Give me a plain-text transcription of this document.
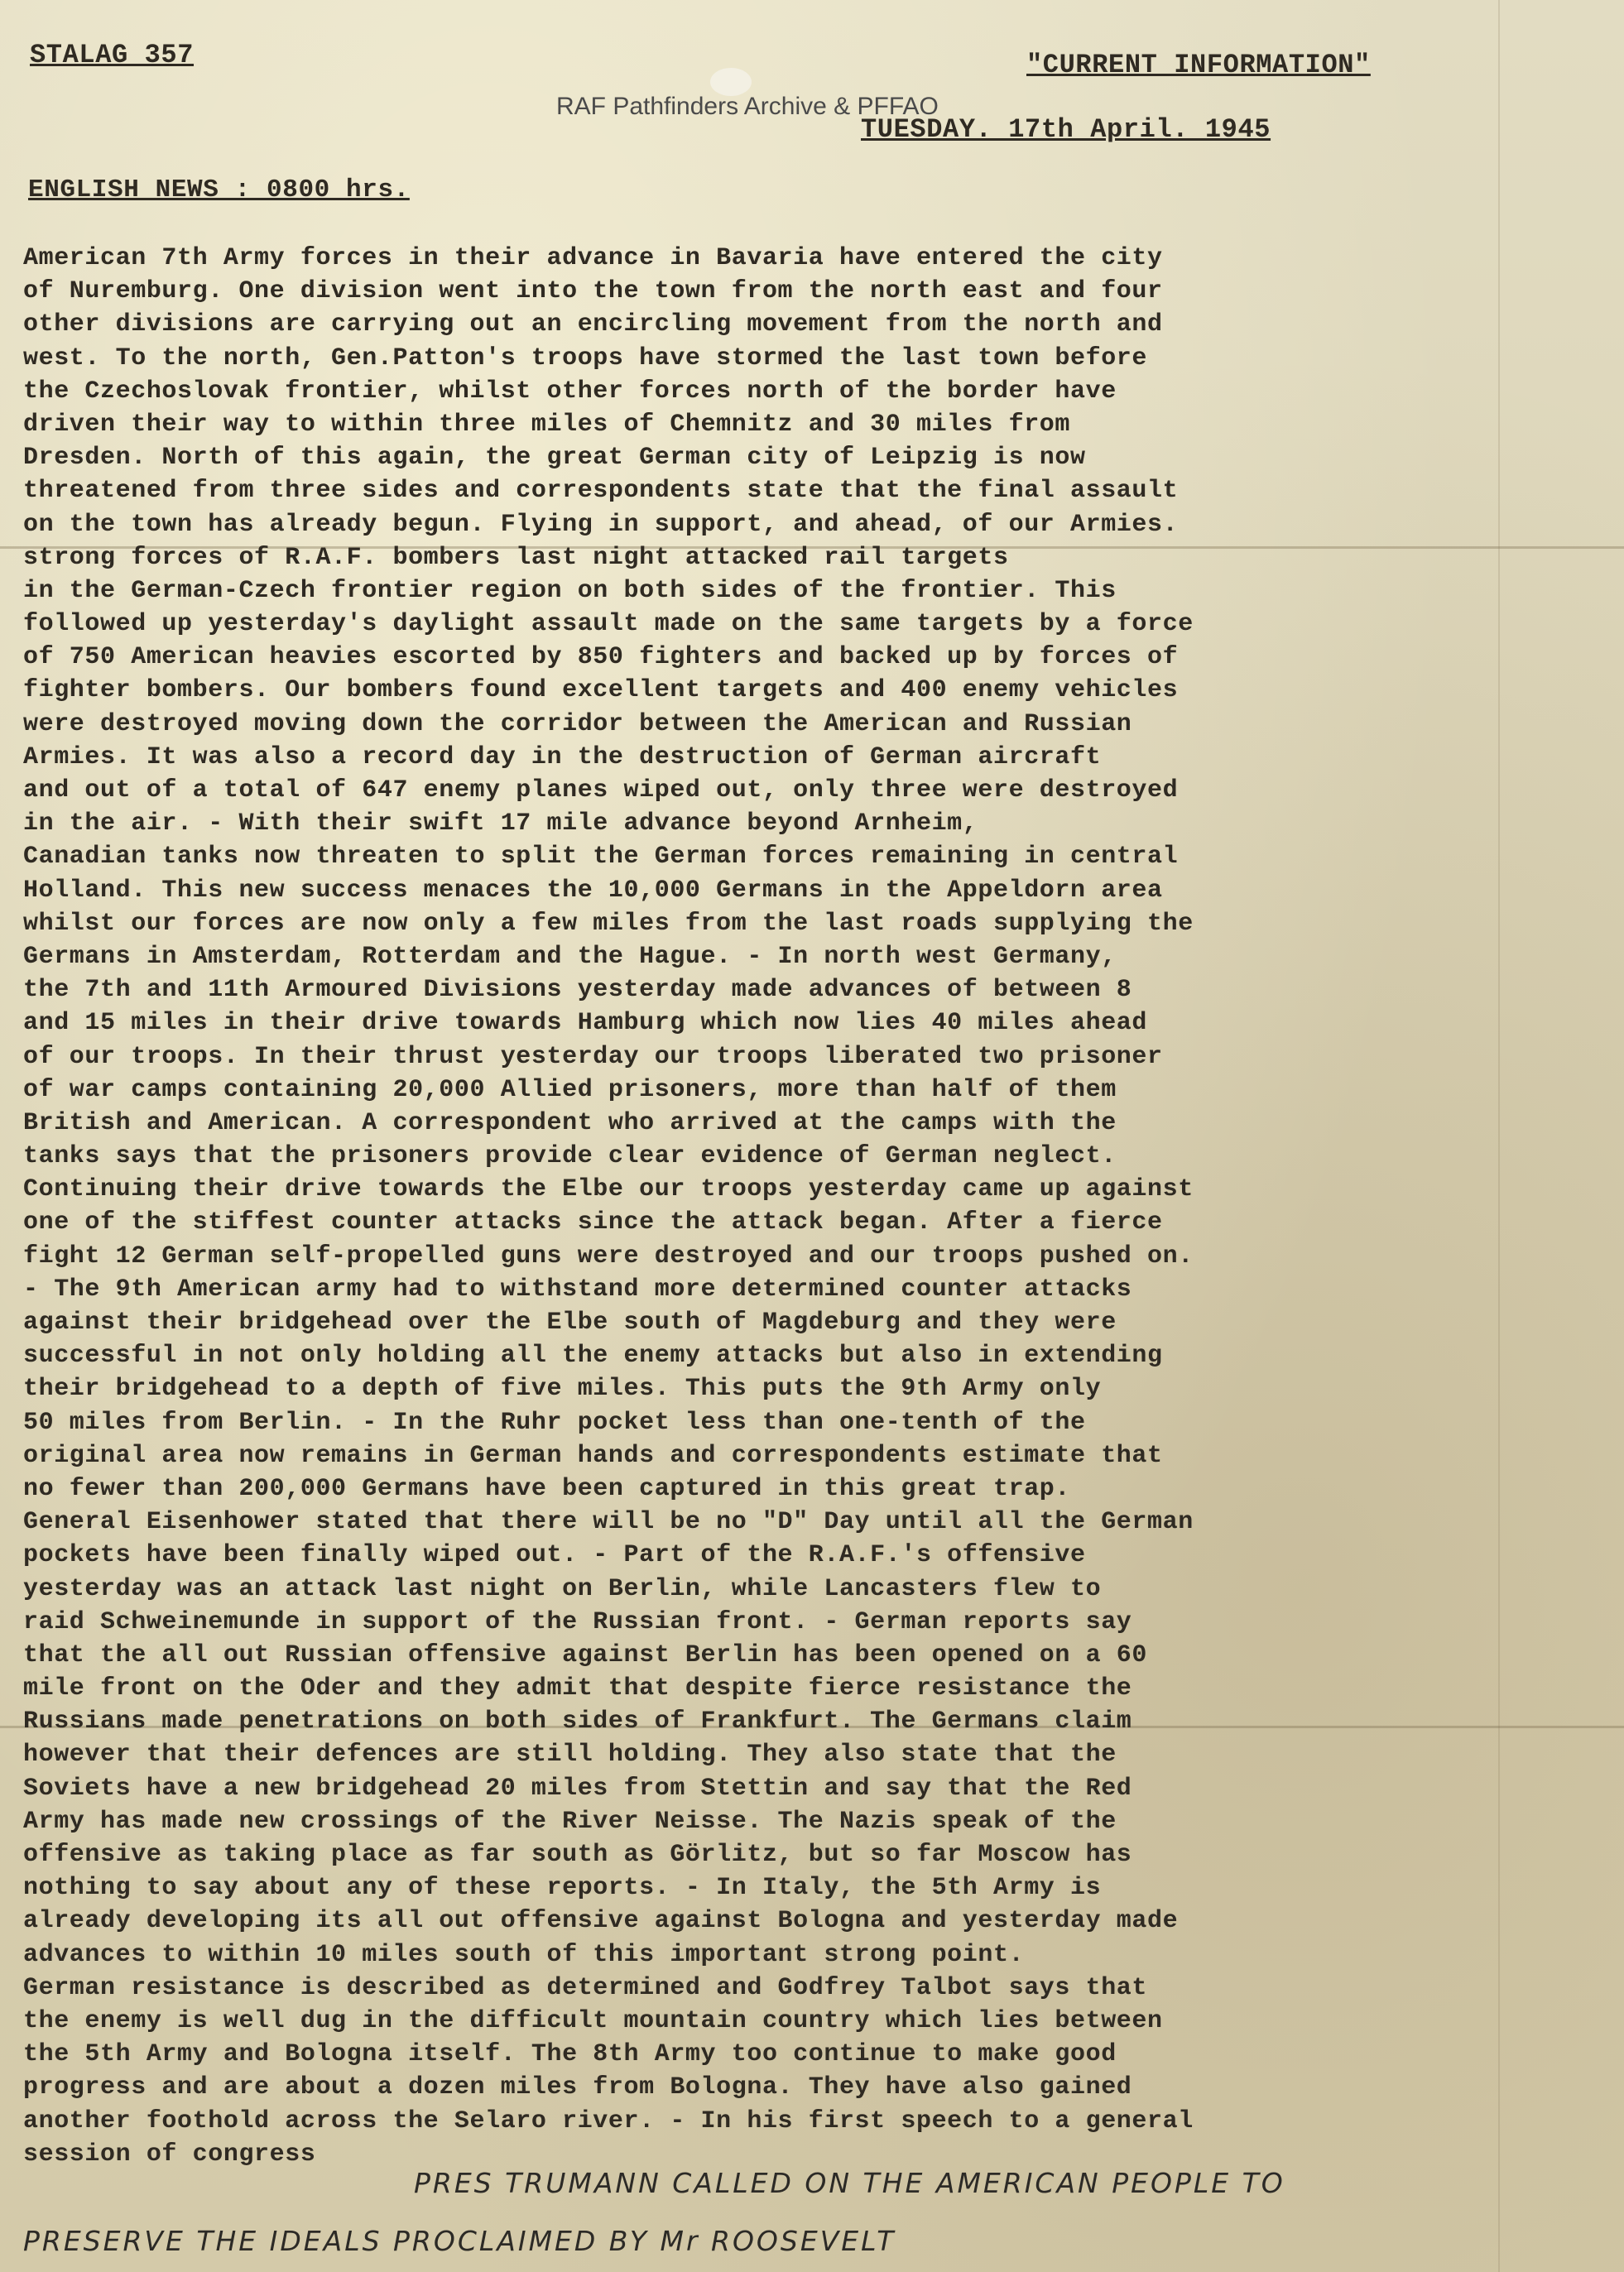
STALAG 357	"CURRENT INFORMATION"
RAF Pathfinders Archive & PFFAO
TUESDAY. 17th April. 1945
ENGLISH NEWS : 0800 hrs.
American 7th Army forces in their advance in Bavaria have entered the city
of Nuremburg. One division went into the town from the north east and four
other divisions are carrying out an encircling movement from the north and
west. To the north, Gen.Patton's troops have stormed the last town before
the Czechoslovak frontier, whilst other forces north of the border have
driven their way to within three miles of Chemnitz and 30 miles from
Dresden. North of this again, the great German city of Leipzig is now
threatened from three sides and correspondents state that the final assault
on the town has already begun. Flying in support, and ahead, of our Armies.
strong forces of R.A.F. bombers last night attacked rail targets
in the German-Czech frontier region on both sides of the frontier. This
followed up yesterday's daylight assault made on the same targets by a force
of 750 American heavies escorted by 850 fighters and backed up by forces of
fighter bombers. Our bombers found excellent targets and 400 enemy vehicles
were destroyed moving down the corridor between the American and Russian
Armies. It was also a record day in the destruction of German aircraft
and out of a total of 647 enemy planes wiped out, only three were destroyed
in the air. - With their swift 17 mile advance beyond Arnheim,
Canadian tanks now threaten to split the German forces remaining in central
Holland. This new success menaces the 10,000 Germans in the Appeldorn area
whilst our forces are now only a few miles from the last roads supplying the
Germans in Amsterdam, Rotterdam and the Hague. - In north west Germany,
the 7th and 11th Armoured Divisions yesterday made advances of between 8
and 15 miles in their drive towards Hamburg which now lies 40 miles ahead
of our troops. In their thrust yesterday our troops liberated two prisoner
of war camps containing 20,000 Allied prisoners, more than half of them
British and American. A correspondent who arrived at the camps with the
tanks says that the prisoners provide clear evidence of German neglect.
Continuing their drive towards the Elbe our troops yesterday came up against
one of the stiffest counter attacks since the attack began. After a fierce
fight 12 German self-propelled guns were destroyed and our troops pushed on.
- The 9th American army had to withstand more determined counter attacks
against their bridgehead over the Elbe south of Magdeburg and they were
successful in not only holding all the enemy attacks but also in extending
their bridgehead to a depth of five miles. This puts the 9th Army only
50 miles from Berlin. - In the Ruhr pocket less than one-tenth of the
original area now remains in German hands and correspondents estimate that
no fewer than 200,000 Germans have been captured in this great trap.
General Eisenhower stated that there will be no "D" Day until all the German
pockets have been finally wiped out. - Part of the R.A.F.'s offensive
yesterday was an attack last night on Berlin, while Lancasters flew to
raid Schweinemunde in support of the Russian front. - German reports say
that the all out Russian offensive against Berlin has been opened on a 60
mile front on the Oder and they admit that despite fierce resistance the
Russians made penetrations on both sides of Frankfurt. The Germans claim
however that their defences are still holding. They also state that the
Soviets have a new bridgehead 20 miles from Stettin and say that the Red
Army has made new crossings of the River Neisse. The Nazis speak of the
offensive as taking place as far south as Görlitz, but so far Moscow has
nothing to say about any of these reports. - In Italy, the 5th Army is
already developing its all out offensive against Bologna and yesterday made
advances to within 10 miles south of this important strong point.
German resistance is described as determined and Godfrey Talbot says that
the enemy is well dug in the difficult mountain country which lies between
the 5th Army and Bologna itself. The 8th Army too continue to make good
progress and are about a dozen miles from Bologna. They have also gained
another foothold across the Selaro river. - In his first speech to a general
session of congress
PRES TRUMANN CALLED ON THE AMERICAN PEOPLE TO
PRESERVE THE IDEALS PROCLAIMED BY Mr ROOSEVELT
